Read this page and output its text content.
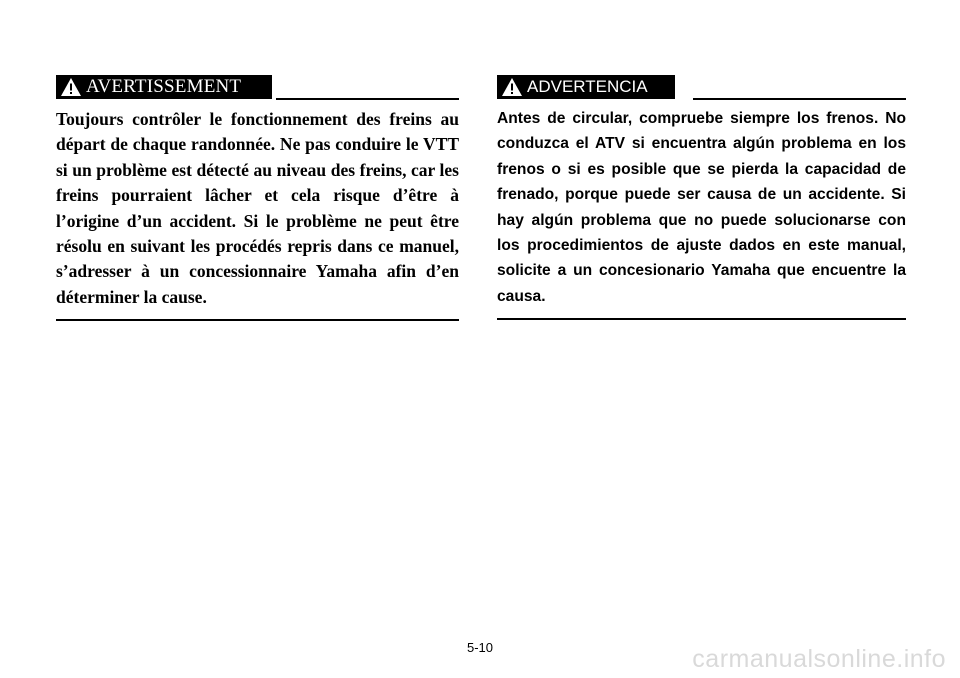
AVERTISSEMENT

Toujours contrôler le fonctionnement des freins au départ de chaque randonnée. Ne pas conduire le VTT si un problème est détecté au niveau des freins, car les freins pourraient lâcher et cela risque d’être à l’origine d’un accident. Si le problème ne peut être résolu en suivant les procédés repris dans ce manuel, s’adresser à un concessionnaire Yamaha afin d’en déterminer la cause.

ADVERTENCIA

Antes de circular, compruebe siempre los frenos. No conduzca el ATV si encuentra algún problema en los frenos o si es posible que se pierda la capacidad de frenado, porque puede ser causa de un accidente. Si hay algún problema que no puede solucionarse con los procedimientos de ajuste dados en este manual, solicite a un concesionario Yamaha que encuentre la causa.

5-10	carmanualsonline.info
